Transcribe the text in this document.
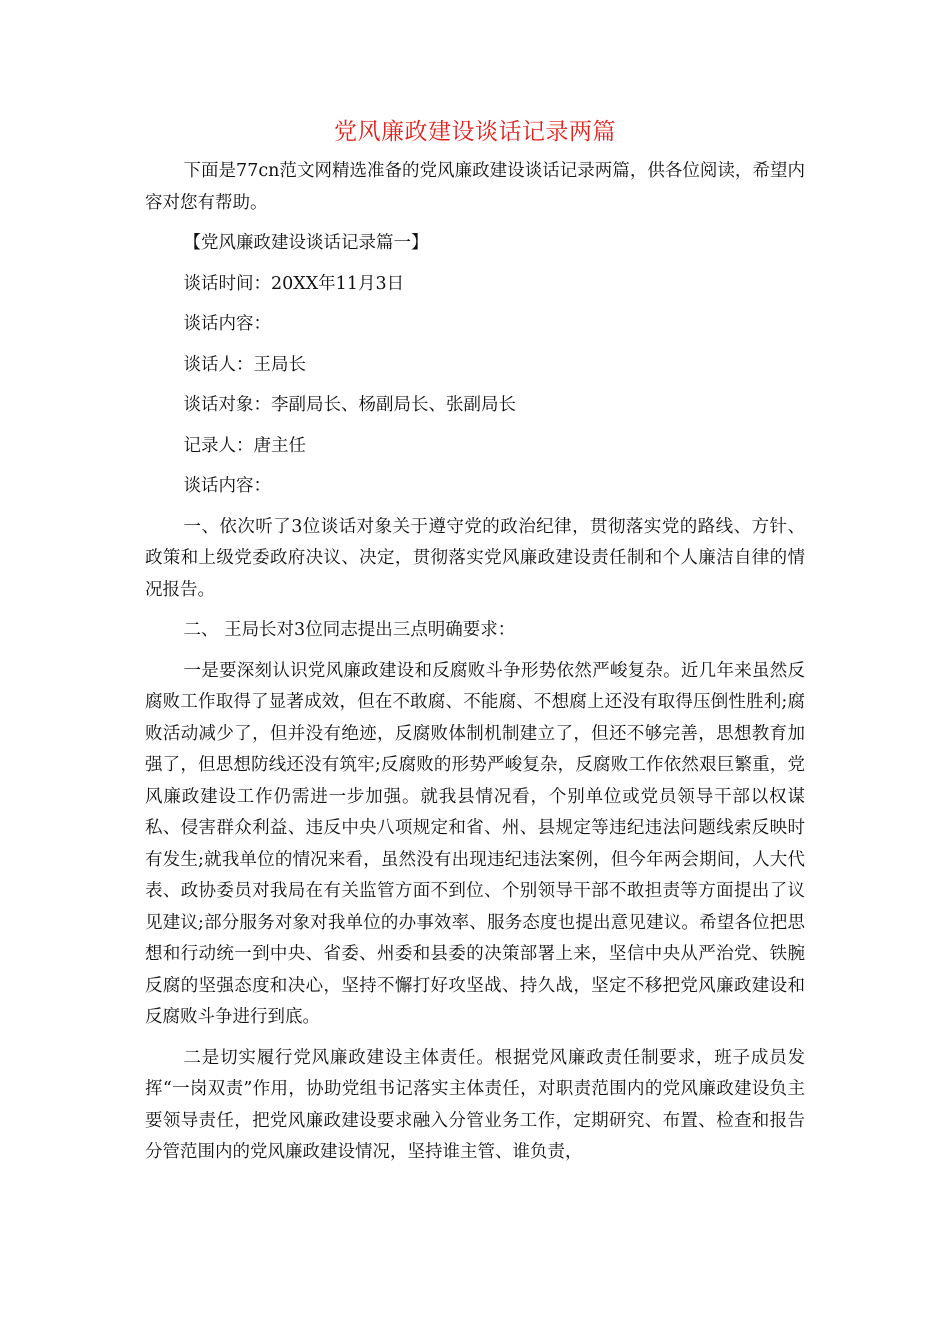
党风廉政建设谈话记录两篇

下面是77cn范文网精选准备的党风廉政建设谈话记录两篇，供各位阅读，希望内容对您有帮助。

【党风廉政建设谈话记录篇一】

谈话时间：20XX年11月3日

谈话内容：

谈话人：王局长

谈话对象：李副局长、杨副局长、张副局长

记录人：唐主任

谈话内容：

一、依次听了3位谈话对象关于遵守党的政治纪律，贯彻落实党的路线、方针、政策和上级党委政府决议、决定，贯彻落实党风廉政建设责任制和个人廉洁自律的情况报告。

二、 王局长对3位同志提出三点明确要求：

一是要深刻认识党风廉政建设和反腐败斗争形势依然严峻复杂。近几年来虽然反腐败工作取得了显著成效，但在不敢腐、不能腐、不想腐上还没有取得压倒性胜利;腐败活动减少了，但并没有绝迹，反腐败体制机制建立了，但还不够完善，思想教育加强了，但思想防线还没有筑牢;反腐败的形势严峻复杂，反腐败工作依然艰巨繁重，党风廉政建设工作仍需进一步加强。就我县情况看，个别单位或党员领导干部以权谋私、侵害群众利益、违反中央八项规定和省、州、县规定等违纪违法问题线索反映时有发生;就我单位的情况来看，虽然没有出现违纪违法案例，但今年两会期间，人大代表、政协委员对我局在有关监管方面不到位、个别领导干部不敢担责等方面提出了议见建议;部分服务对象对我单位的办事效率、服务态度也提出意见建议。希望各位把思想和行动统一到中央、省委、州委和县委的决策部署上来，坚信中央从严治党、铁腕反腐的坚强态度和决心，坚持不懈打好攻坚战、持久战，坚定不移把党风廉政建设和反腐败斗争进行到底。

二是切实履行党风廉政建设主体责任。根据党风廉政责任制要求，班子成员发挥“一岗双责”作用，协助党组书记落实主体责任，对职责范围内的党风廉政建设负主要领导责任，把党风廉政建设要求融入分管业务工作，定期研究、布置、检查和报告分管范围内的党风廉政建设情况，坚持谁主管、谁负责，
